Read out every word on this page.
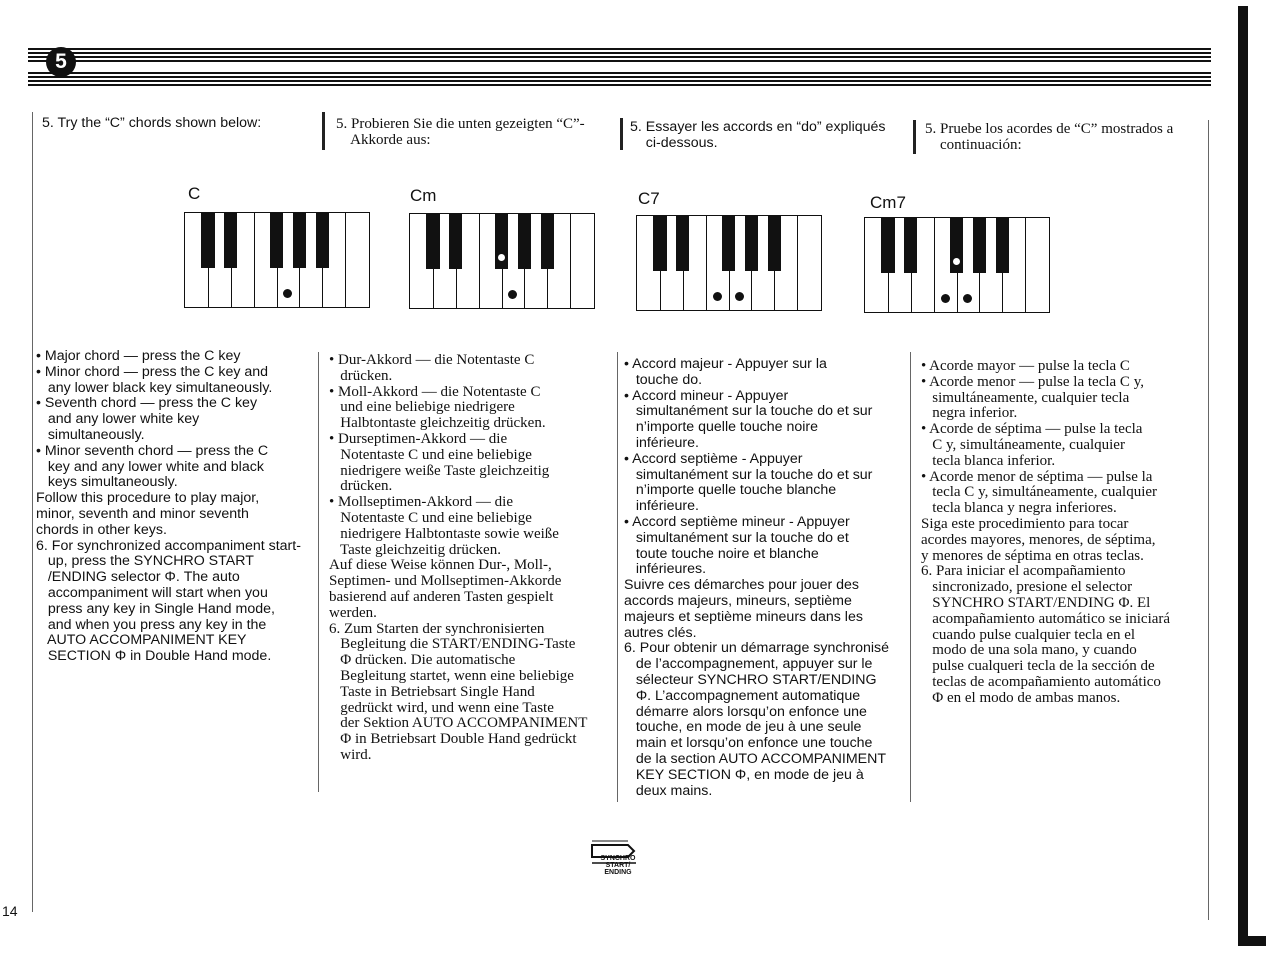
5
5. Try the “C” chords shown below:	5. Probieren Sie die unten gezeigten “C”-
Akkorde aus:
5. Essayer les accords en “do” expliqués
ci-dessous.
5. Pruebe los acordes de “C” mostrados a
continuación:
C	Cm	C7	Cm7
• Major chord — press the C key
• Minor chord — press the C key and
any lower black key simultaneously.
• Seventh chord — press the C key
and any lower white key
simultaneously.
• Minor seventh chord — press the C
key and any lower white and black
keys simultaneously.
Follow this procedure to play major,
minor, seventh and minor seventh
chords in other keys.
6. For synchronized accompaniment start-
up, press the SYNCHRO START
/ENDING selector Φ. The auto
accompaniment will start when you
press any key in Single Hand mode,
and when you press any key in the
AUTO ACCOMPANIMENT KEY
SECTION Φ in Double Hand mode.
• Dur-Akkord — die Notentaste C
drücken.
• Moll-Akkord — die Notentaste C
und eine beliebige niedrigere
Halbtontaste gleichzeitig drücken.
• Durseptimen-Akkord — die
Notentaste C und eine beliebige
niedrigere weiße Taste gleichzeitig
drücken.
• Mollseptimen-Akkord — die
Notentaste C und eine beliebige
niedrigere Halbtontaste sowie weiße
Taste gleichzeitig drücken.
Auf diese Weise können Dur-, Moll-,
Septimen- und Mollseptimen-Akkorde
basierend auf anderen Tasten gespielt
werden.
6. Zum Starten der synchronisierten
Begleitung die START/ENDING-Taste
Φ drücken. Die automatische
Begleitung startet, wenn eine beliebige
Taste in Betriebsart Single Hand
gedrückt wird, und wenn eine Taste
der Sektion AUTO ACCOMPANIMENT
Φ in Betriebsart Double Hand gedrückt
wird.
• Accord majeur - Appuyer sur la
touche do.
• Accord mineur - Appuyer
simultanément sur la touche do et sur
n’importe quelle touche noire
inférieure.
• Accord septième - Appuyer
simultanément sur la touche do et sur
n’importe quelle touche blanche
inférieure.
• Accord septième mineur - Appuyer
simultanément sur la touche do et
toute touche noire et blanche
inférieures.
Suivre ces démarches pour jouer des
accords majeurs, mineurs, septième
majeurs et septième mineurs dans les
autres clés.
6. Pour obtenir un démarrage synchronisé
de l’accompagnement, appuyer sur le
sélecteur SYNCHRO START/ENDING
Φ. L’accompagnement automatique
démarre alors lorsqu’on enfonce une
touche, en mode de jeu à une seule
main et lorsqu’on enfonce une touche
de la section AUTO ACCOMPANIMENT
KEY SECTION Φ, en mode de jeu à
deux mains.
• Acorde mayor — pulse la tecla C
• Acorde menor — pulse la tecla C y,
simultáneamente, cualquier tecla
negra inferior.
• Acorde de séptima — pulse la tecla
C y, simultáneamente, cualquier
tecla blanca inferior.
• Acorde menor de séptima — pulse la
tecla C y, simultáneamente, cualquier
tecla blanca y negra inferiores.
Siga este procedimiento para tocar
acordes mayores, menores, de séptima,
y menores de séptima en otras teclas.
6. Para iniciar el acompañamiento
sincronizado, presione el selector
SYNCHRO START/ENDING Φ. El
acompañamiento automático se iniciará
cuando pulse cualquier tecla en el
modo de una sola mano, y cuando
pulse cualqueri tecla de la sección de
teclas de acompañamiento automático
Φ en el modo de ambas manos.
14
SYNCHRO
START/
ENDING
